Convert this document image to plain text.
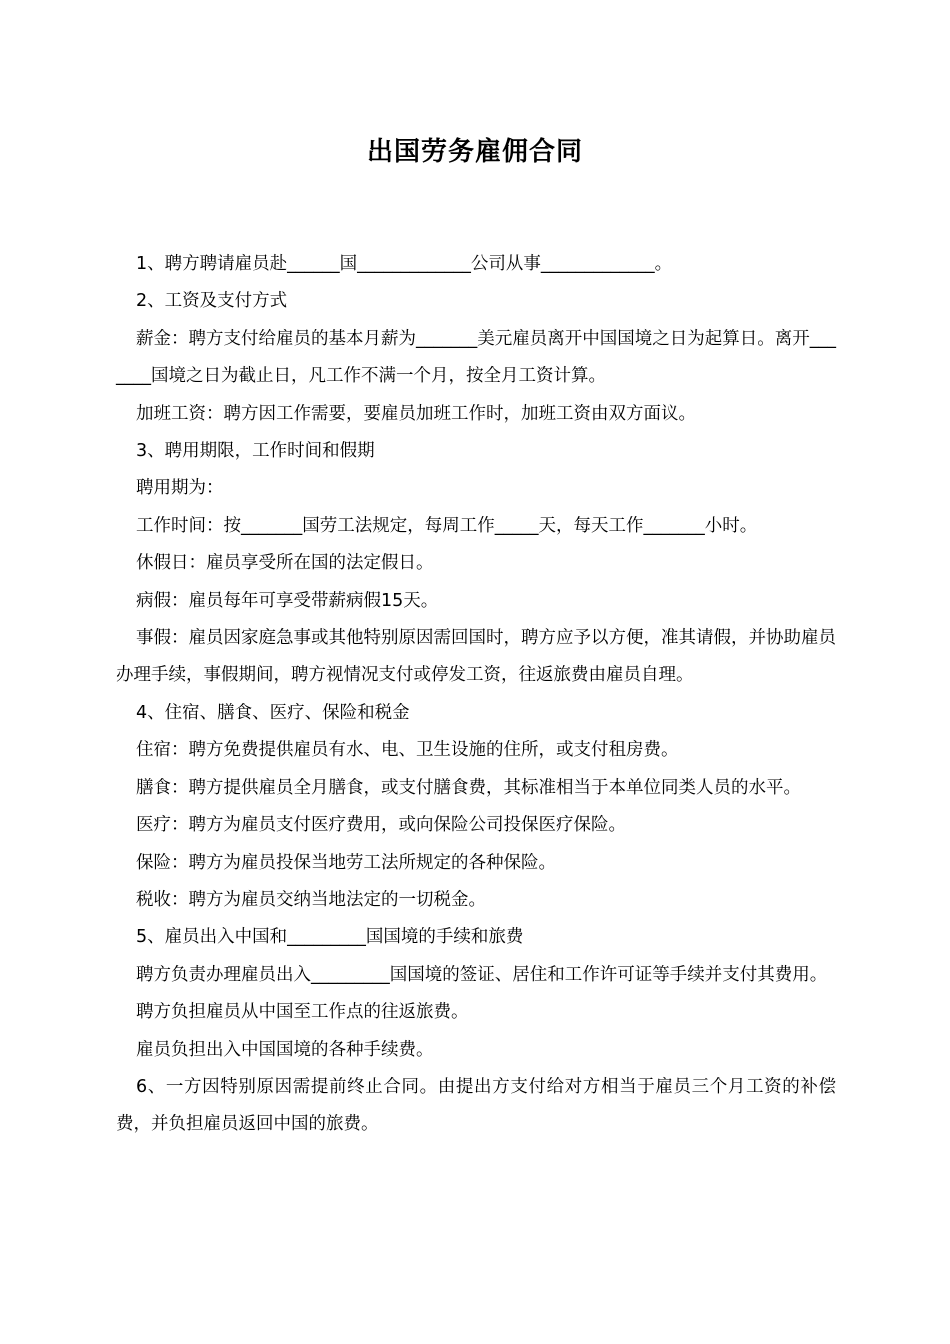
出国劳务雇佣合同

1、聘方聘请雇员赴______国_____________公司从事_____________。

2、工资及支付方式

薪金：聘方支付给雇员的基本月薪为_______美元雇员离开中国国境之日为起算日。离开_______国境之日为截止日，凡工作不满一个月，按全月工资计算。

加班工资：聘方因工作需要，要雇员加班工作时，加班工资由双方面议。

3、聘用期限，工作时间和假期

聘用期为：

工作时间：按_______国劳工法规定，每周工作_____天，每天工作_______小时。

休假日：雇员享受所在国的法定假日。

病假：雇员每年可享受带薪病假15天。

事假：雇员因家庭急事或其他特别原因需回国时，聘方应予以方便，准其请假，并协助雇员办理手续，事假期间，聘方视情况支付或停发工资，往返旅费由雇员自理。

4、住宿、膳食、医疗、保险和税金

住宿：聘方免费提供雇员有水、电、卫生设施的住所，或支付租房费。

膳食：聘方提供雇员全月膳食，或支付膳食费，其标准相当于本单位同类人员的水平。

医疗：聘方为雇员支付医疗费用，或向保险公司投保医疗保险。

保险：聘方为雇员投保当地劳工法所规定的各种保险。

税收：聘方为雇员交纳当地法定的一切税金。

5、雇员出入中国和_________国国境的手续和旅费

聘方负责办理雇员出入_________国国境的签证、居住和工作许可证等手续并支付其费用。

聘方负担雇员从中国至工作点的往返旅费。

雇员负担出入中国国境的各种手续费。

6、一方因特别原因需提前终止合同。由提出方支付给对方相当于雇员三个月工资的补偿费，并负担雇员返回中国的旅费。
